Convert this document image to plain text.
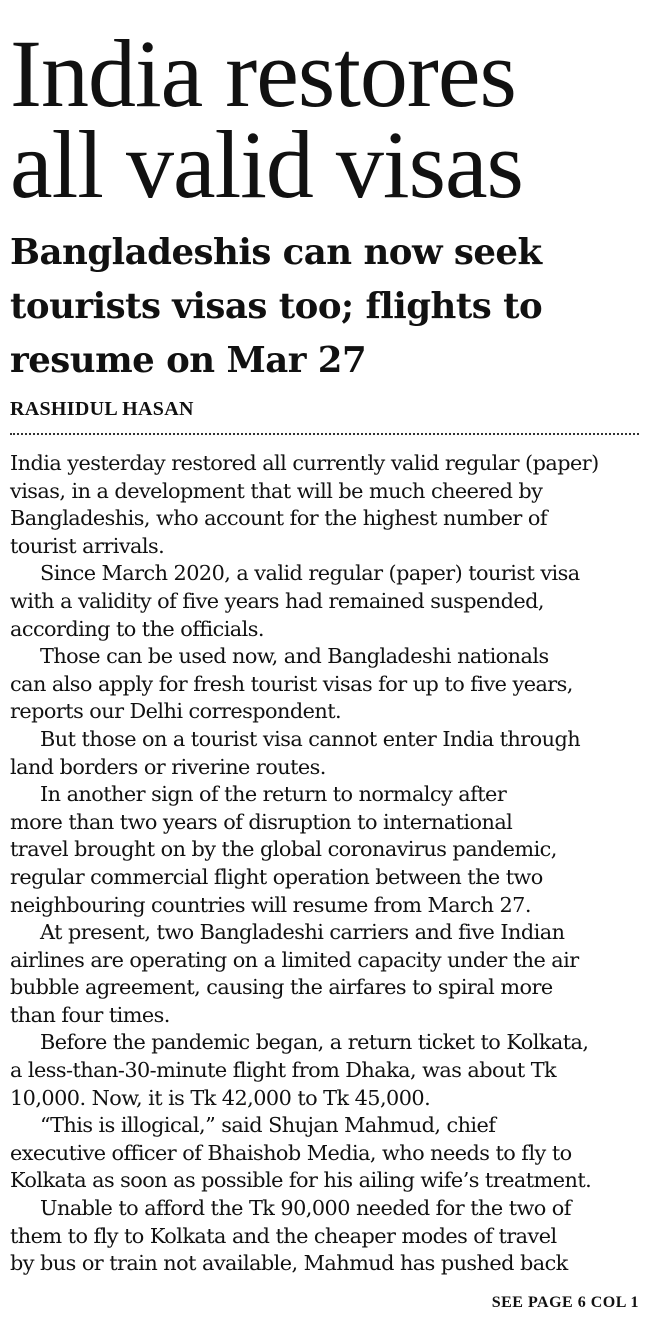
India restores
all valid visas
Bangladeshis can now seek
tourists visas too; flights to
resume on Mar 27
RASHIDUL HASAN
India yesterday restored all currently valid regular (paper)
visas, in a development that will be much cheered by
Bangladeshis, who account for the highest number of
tourist arrivals.
Since March 2020, a valid regular (paper) tourist visa
with a validity of five years had remained suspended,
according to the officials.
Those can be used now, and Bangladeshi nationals
can also apply for fresh tourist visas for up to five years,
reports our Delhi correspondent.
But those on a tourist visa cannot enter India through
land borders or riverine routes.
In another sign of the return to normalcy after
more than two years of disruption to international
travel brought on by the global coronavirus pandemic,
regular commercial flight operation between the two
neighbouring countries will resume from March 27.
At present, two Bangladeshi carriers and five Indian
airlines are operating on a limited capacity under the air
bubble agreement, causing the airfares to spiral more
than four times.
Before the pandemic began, a return ticket to Kolkata,
a less-than-30-minute flight from Dhaka, was about Tk
10,000. Now, it is Tk 42,000 to Tk 45,000.
“This is illogical,” said Shujan Mahmud, chief
executive officer of Bhaishob Media, who needs to fly to
Kolkata as soon as possible for his ailing wife’s treatment.
Unable to afford the Tk 90,000 needed for the two of
them to fly to Kolkata and the cheaper modes of travel
by bus or train not available, Mahmud has pushed back
SEE PAGE 6 COL 1
